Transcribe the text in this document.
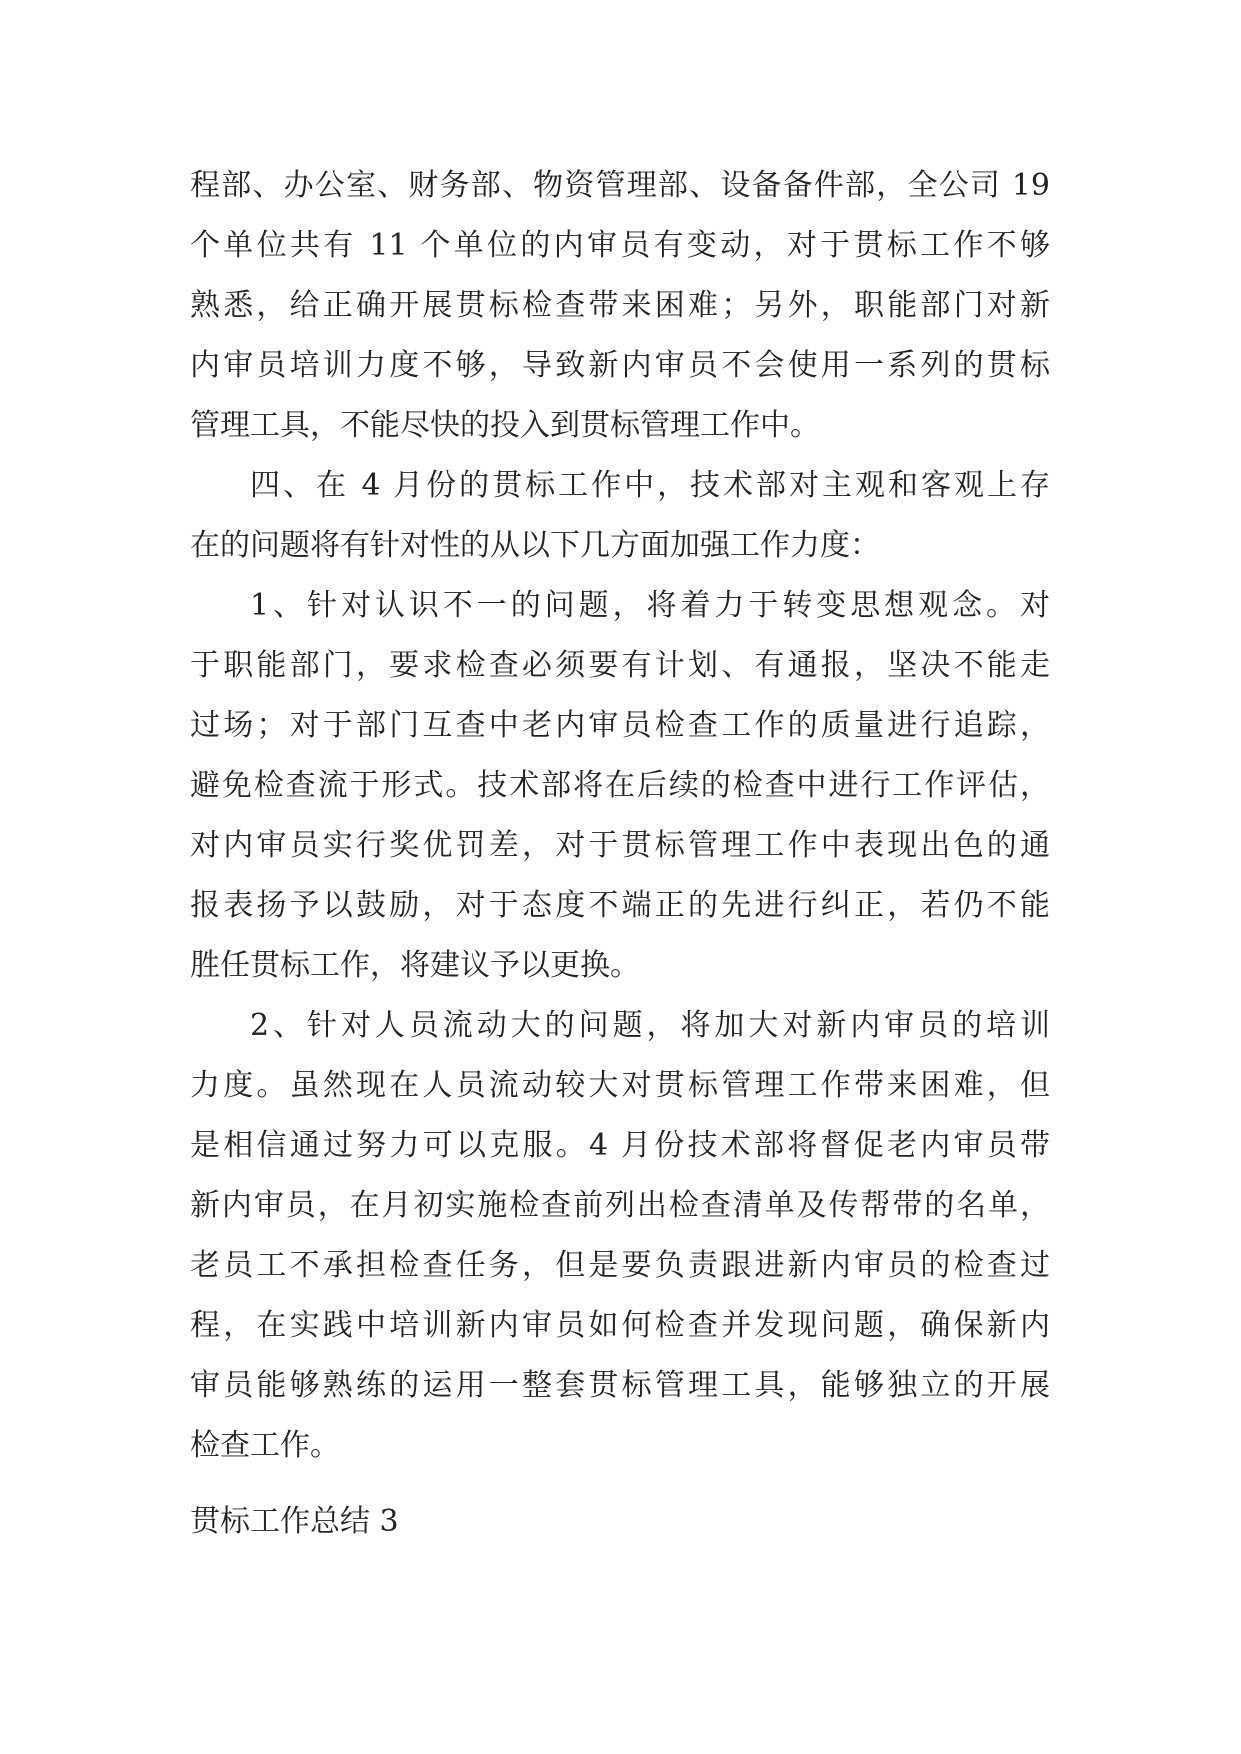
程部、办公室、财务部、物资管理部、设备备件部，全公司 19
个单位共有 11 个单位的内审员有变动，对于贯标工作不够
熟悉，给正确开展贯标检查带来困难；另外，职能部门对新
内审员培训力度不够，导致新内审员不会使用一系列的贯标
管理工具，不能尽快的投入到贯标管理工作中。
四、在 4 月份的贯标工作中，技术部对主观和客观上存
在的问题将有针对性的从以下几方面加强工作力度：
1、针对认识不一的问题，将着力于转变思想观念。对
于职能部门，要求检查必须要有计划、有通报，坚决不能走
过场；对于部门互查中老内审员检查工作的质量进行追踪，
避免检查流于形式。技术部将在后续的检查中进行工作评估，
对内审员实行奖优罚差，对于贯标管理工作中表现出色的通
报表扬予以鼓励，对于态度不端正的先进行纠正，若仍不能
胜任贯标工作，将建议予以更换。
2、针对人员流动大的问题，将加大对新内审员的培训
力度。虽然现在人员流动较大对贯标管理工作带来困难，但
是相信通过努力可以克服。4 月份技术部将督促老内审员带
新内审员，在月初实施检查前列出检查清单及传帮带的名单，
老员工不承担检查任务，但是要负责跟进新内审员的检查过
程，在实践中培训新内审员如何检查并发现问题，确保新内
审员能够熟练的运用一整套贯标管理工具，能够独立的开展
检查工作。
贯标工作总结 3
